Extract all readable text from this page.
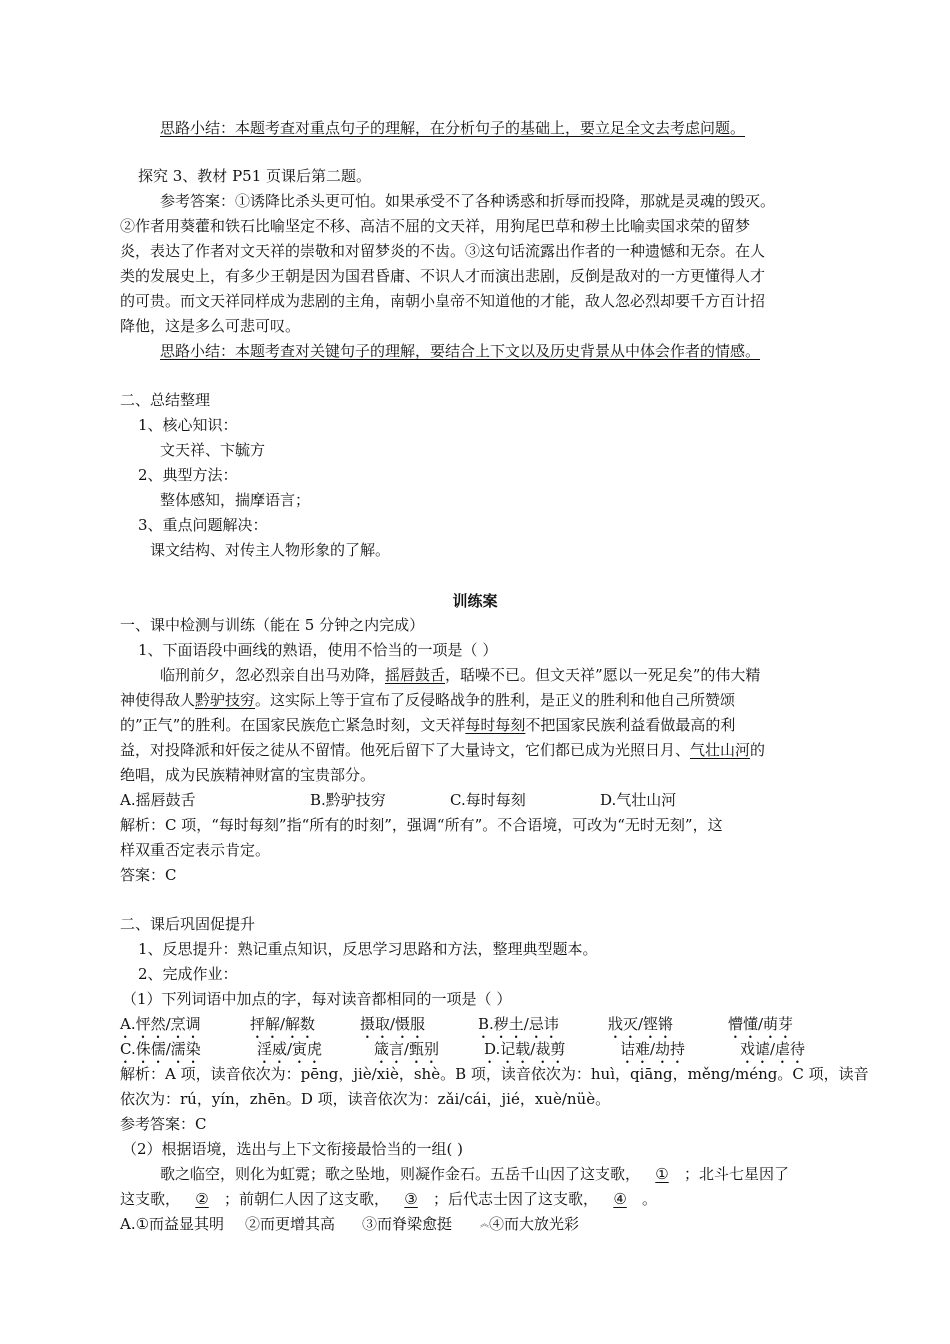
思路小结：本题考查对重点句子的理解，在分析句子的基础上，要立足全文去考虑问题。
探究 3、教材 P51 页课后第二题。
参考答案：①诱降比杀头更可怕。如果承受不了各种诱惑和折辱而投降，那就是灵魂的毁灭。
②作者用葵藿和铁石比喻坚定不移、高洁不屈的文天祥，用狗尾巴草和秽土比喻卖国求荣的留梦
炎，表达了作者对文天祥的崇敬和对留梦炎的不齿。③这句话流露出作者的一种遗憾和无奈。在人
类的发展史上，有多少王朝是因为国君昏庸、不识人才而演出悲剧，反倒是敌对的一方更懂得人才
的可贵。而文天祥同样成为悲剧的主角，南朝小皇帝不知道他的才能，敌人忽必烈却要千方百计招
降他，这是多么可悲可叹。
思路小结：本题考查对关键句子的理解，要结合上下文以及历史背景从中体会作者的情感。
二、总结整理
1、核心知识：
文天祥、卞毓方
2、典型方法：
整体感知，揣摩语言；
3、重点问题解决：
课文结构、对传主人物形象的了解。
训练案
一、课中检测与训练（能在 5 分钟之内完成）
1、下面语段中画线的熟语，使用不恰当的一项是（ ）
临刑前夕，忽必烈亲自出马劝降，摇唇鼓舌，聒噪不已。但文天祥”愿以一死足矣”的伟大精
神使得敌人黔驴技穷。这实际上等于宣布了反侵略战争的胜利，是正义的胜利和他自己所赞颂
的”正气”的胜利。在国家民族危亡紧急时刻，文天祥每时每刻不把国家民族利益看做最高的利
益，对投降派和奸佞之徒从不留情。他死后留下了大量诗文，它们都已成为光照日月、气壮山河的
绝唱，成为民族精神财富的宝贵部分。
A.摇唇鼓舌	B.黔驴技穷	C.每时每刻	D.气壮山河
解析：C 项，“每时每刻”指“所有的时刻”，强调“所有”。不合语境，可改为“无时无刻”，这
样双重否定表示肯定。
答案：C
二、课后巩固促提升
1、反思提升：熟记重点知识，反思学习思路和方法，整理典型题本。
2、完成作业：
（1）下列词语中加点的字，每对读音都相同的一项是（ ）
A.怦然/烹调	抨解/解数	摄取/慑服	B.秽土/忌讳	戕灭/铿锵	懵懂/萌芽
C.侏儒/濡染	淫威/寅虎	箴言/甄别	D.记载/裁剪	诘难/劫持	戏谑/虐待
解析：A 项，读音依次为：pēng，jiè/xiè，shè。B 项，读音依次为：huì，qiāng，měng/méng。C 项，读音
依次为：rú，yín，zhēn。D 项，读音依次为：zǎi/cái，jié，xuè/nüè。
参考答案：C
（2）根据语境，选出与上下文衔接最恰当的一组( )
歌之临空，则化为虹霓；歌之坠地，则凝作金石。五岳千山因了这支歌， ① ；北斗七星因了
这支歌， ② ；前朝仁人因了这支歌， ③ ；后代志士因了这支歌， ④ 。
A.①而益显其明 ②而更增其高 ③而脊梁愈挺	︽④而大放光彩
